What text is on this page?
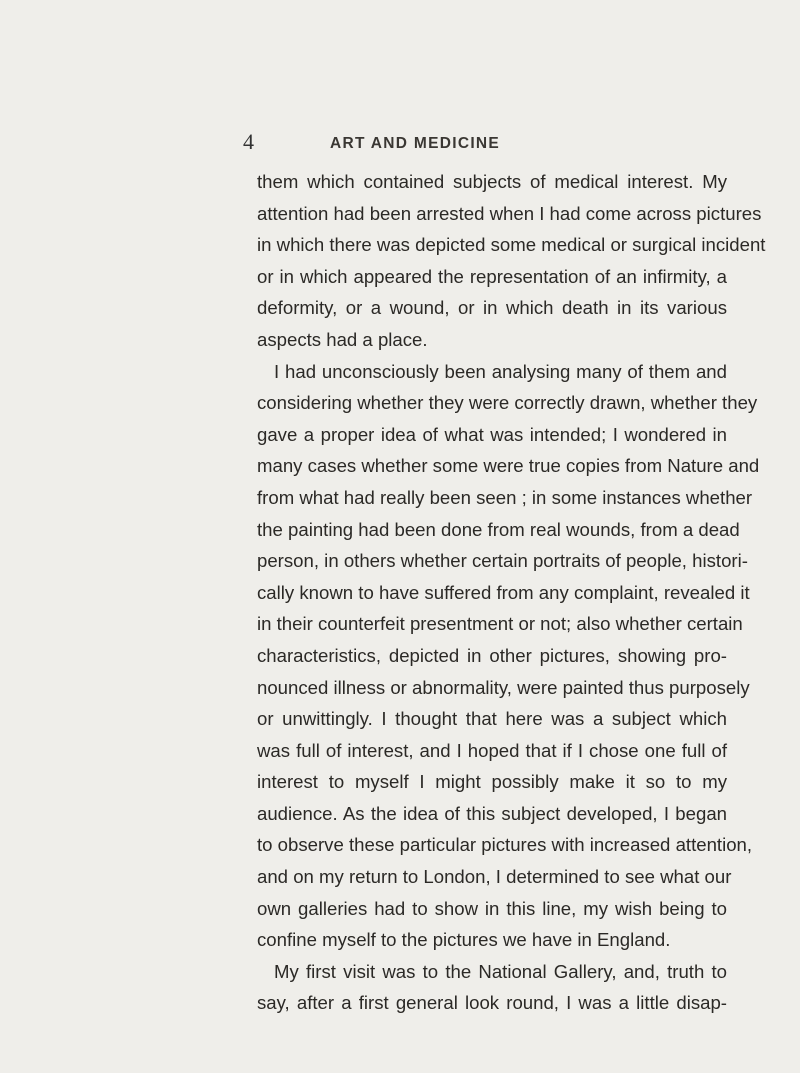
4	ART AND MEDICINE
them which contained subjects of medical interest. My
attention had been arrested when I had come across pictures
in which there was depicted some medical or surgical incident
or in which appeared the representation of an infirmity, a
deformity, or a wound, or in which death in its various
aspects had a place.
I had unconsciously been analysing many of them and
considering whether they were correctly drawn, whether they
gave a proper idea of what was intended; I wondered in
many cases whether some were true copies from Nature and
from what had really been seen ; in some instances whether
the painting had been done from real wounds, from a dead
person, in others whether certain portraits of people, histori-
cally known to have suffered from any complaint, revealed it
in their counterfeit presentment or not; also whether certain
characteristics, depicted in other pictures, showing pro-
nounced illness or abnormality, were painted thus purposely
or unwittingly. I thought that here was a subject which
was full of interest, and I hoped that if I chose one full of
interest to myself I might possibly make it so to my
audience. As the idea of this subject developed, I began
to observe these particular pictures with increased attention,
and on my return to London, I determined to see what our
own galleries had to show in this line, my wish being to
confine myself to the pictures we have in England.
My first visit was to the National Gallery, and, truth to
say, after a first general look round, I was a little disap-
